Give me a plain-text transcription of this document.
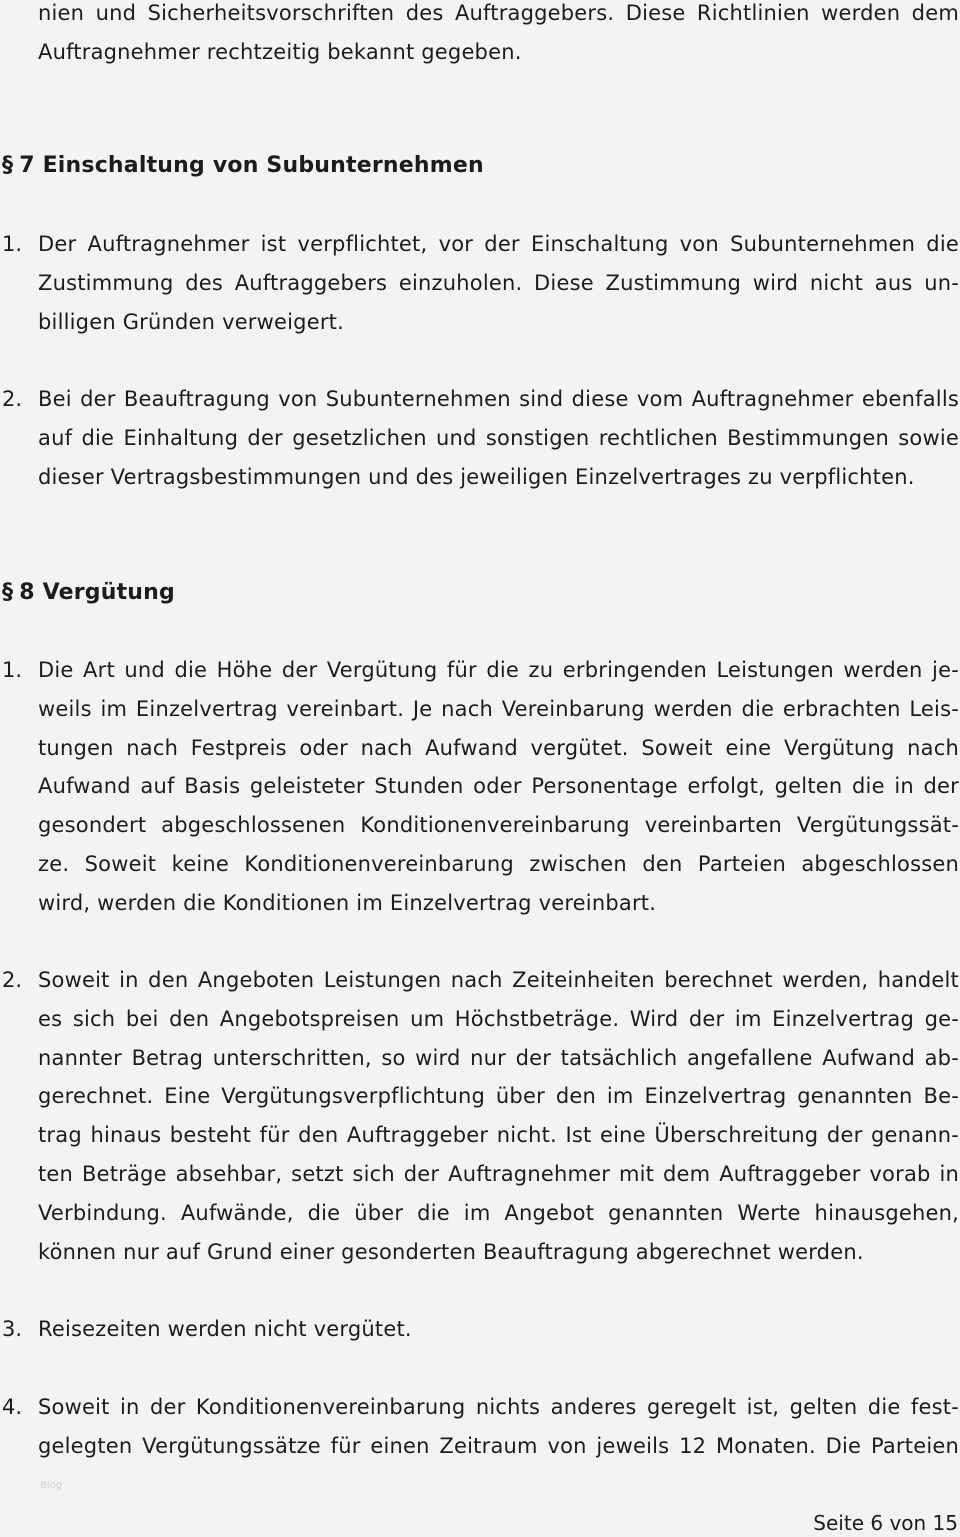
nien und Sicherheitsvorschriften des Auftraggebers. Diese Richtlinien werden dem
Auftragnehmer rechtzeitig bekannt gegeben.
§ 7 Einschaltung von Subunternehmen
1. Der Auftragnehmer ist verpflichtet, vor der Einschaltung von Subunternehmen die
Zustimmung des Auftraggebers einzuholen. Diese Zustimmung wird nicht aus un-
billigen Gründen verweigert.
2. Bei der Beauftragung von Subunternehmen sind diese vom Auftragnehmer ebenfalls
auf die Einhaltung der gesetzlichen und sonstigen rechtlichen Bestimmungen sowie
dieser Vertragsbestimmungen und des jeweiligen Einzelvertrages zu verpflichten.
§ 8 Vergütung
1. Die Art und die Höhe der Vergütung für die zu erbringenden Leistungen werden je-
weils im Einzelvertrag vereinbart. Je nach Vereinbarung werden die erbrachten Leis-
tungen nach Festpreis oder nach Aufwand vergütet. Soweit eine Vergütung nach
Aufwand auf Basis geleisteter Stunden oder Personentage erfolgt, gelten die in der
gesondert abgeschlossenen Konditionenvereinbarung vereinbarten Vergütungssät-
ze. Soweit keine Konditionenvereinbarung zwischen den Parteien abgeschlossen
wird, werden die Konditionen im Einzelvertrag vereinbart.
2. Soweit in den Angeboten Leistungen nach Zeiteinheiten berechnet werden, handelt
es sich bei den Angebotspreisen um Höchstbeträge. Wird der im Einzelvertrag ge-
nannter Betrag unterschritten, so wird nur der tatsächlich angefallene Aufwand ab-
gerechnet. Eine Vergütungsverpflichtung über den im Einzelvertrag genannten Be-
trag hinaus besteht für den Auftraggeber nicht. Ist eine Überschreitung der genann-
ten Beträge absehbar, setzt sich der Auftragnehmer mit dem Auftraggeber vorab in
Verbindung. Aufwände, die über die im Angebot genannten Werte hinausgehen,
können nur auf Grund einer gesonderten Beauftragung abgerechnet werden.
3. Reisezeiten werden nicht vergütet.
4. Soweit in der Konditionenvereinbarung nichts anderes geregelt ist, gelten die fest-
gelegten Vergütungssätze für einen Zeitraum von jeweils 12 Monaten. Die Parteien
Blog
Seite 6 von 15
